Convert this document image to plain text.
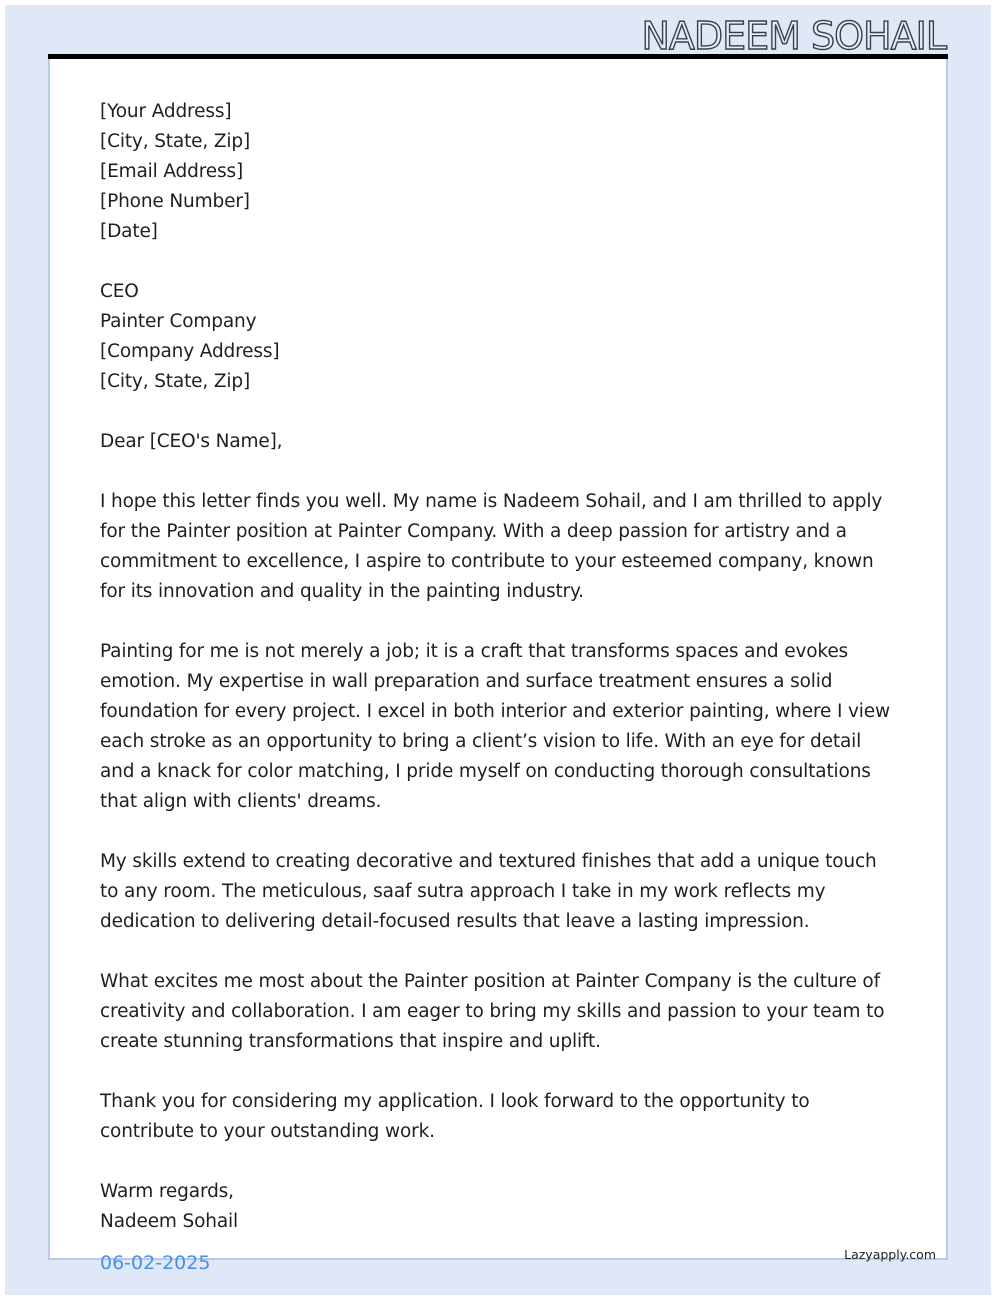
NADEEM SOHAIL
[Your Address]
[City, State, Zip]
[Email Address]
[Phone Number]
[Date]
CEO
Painter Company
[Company Address]
[City, State, Zip]
Dear [CEO's Name],

I hope this letter finds you well. My name is Nadeem Sohail, and I am thrilled to apply for the Painter position at Painter Company. With a deep passion for artistry and a commitment to excellence, I aspire to contribute to your esteemed company, known for its innovation and quality in the painting industry.

Painting for me is not merely a job; it is a craft that transforms spaces and evokes emotion. My expertise in wall preparation and surface treatment ensures a solid foundation for every project. I excel in both interior and exterior painting, where I view each stroke as an opportunity to bring a client’s vision to life. With an eye for detail and a knack for color matching, I pride myself on conducting thorough consultations that align with clients' dreams.

My skills extend to creating decorative and textured finishes that add a unique touch to any room. The meticulous, saaf sutra approach I take in my work reflects my dedication to delivering detail-focused results that leave a lasting impression.

What excites me most about the Painter position at Painter Company is the culture of creativity and collaboration. I am eager to bring my skills and passion to your team to create stunning transformations that inspire and uplift.

Thank you for considering my application. I look forward to the opportunity to contribute to your outstanding work.

Warm regards,
Nadeem Sohail
06-02-2025	Lazyapply.com
